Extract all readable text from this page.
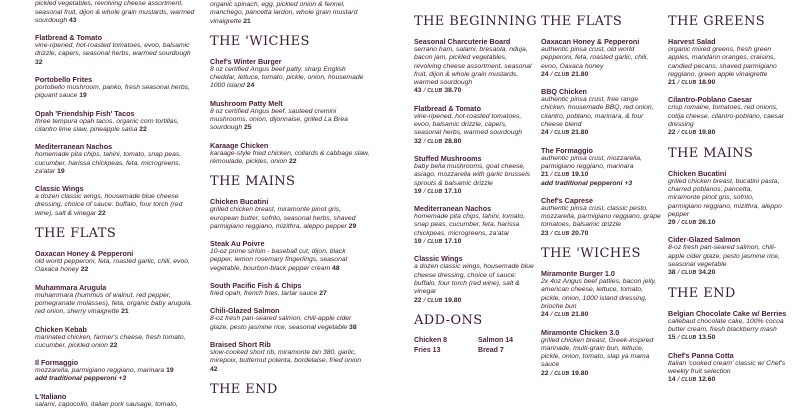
pickled vegetables, revolving cheese assortment, seasonal fruit, dijon & whole grain mustards, warmed sourdough 43
Flatbread & Tomato
vine-ripened, hot-roasted tomatoes, evoo, balsamic drizzle, capers, seasonal herbs, warmed sourdough 32
Portobello Frites
portobello mushroom, panko, fresh seasonal herbs, piquant sauce 19
Opah 'Friendship Fish' Tacos
three tempura opah tacos, organic corn tortillas, cilantro lime slaw, pineapple salsa 22
Mediterranean Nachos
homemade pita chips, tahini, tomato, snap peas, cucumber, harissa chickpeas, feta, microgreens, za'atar 19
Classic Wings
a dozen classic wings, housemade blue cheese dressing, choice of sauce: buffalo, four torch (red wine), salt & vinegar 22
THE FLATS
Oaxacan Honey & Pepperoni
old world pepperoni, feta, roasted garlic, chili, evoo, Oaxaca honey 22
Muhammara Arugula
muhammara (hummus of walnut, red pepper, pomegranate molasses), feta, organic baby arugula, red onion, sherry vinaigrette 21
Chicken Kebab
marinated chicken, farmer's cheese, fresh tomato, cucumber, pickled onion 22
Il Formaggio
mozzarella, parmigiano reggiano, marinara 19
add traditional pepperoni +3
L'Italiano
salami, capocollo, italian pork sausage, tomato,
organic spinach, egg, pickled onion & fennel, manchego, pancetta lardon, whole grain mustard vinaigrette 21
THE 'WICHES
Chef's Winter Burger
8 oz certified Angus beef patty, sharp English cheddar, lettuce, tomato, pickle, onion, housemade 1000 island 24
Mushroom Patty Melt
8 oz certified Angus beef, sauteed cremini mushrooms, onion, dijonnaise, grilled La Brea sourdough 25
Karaage Chicken
karaage-style fried chicken, collards & cabbage slaw, rémoulade, pickles, onion 22
THE MAINS
Chicken Bucatini
grilled chicken breast, miramonte pinot gris, european butter, sofrito, seasonal herbs, shaved parmigiano reggiano, mizithra, aleppo pepper 29
Steak Au Poivre
10-oz prime sirloin - baseball cut, dijon, black pepper, lemon rosemary fingerlings, seasonal vegetable, bourbon-black pepper cream 48
South Pacific Fish & Chips
fried opah, french fries, tartar sauce 27
Chili-Glazed Salmon
8-oz fresh pan-seared salmon, chili-apple cider glaze, pesto jasmine rice, seasonal vegetable 38
Braised Short Rib
slow-cooked short rib, miramonte bin 380, garlic, mirepoix, butternut polenta, bordelaise, fried onion 42
THE END
THE BEGINNING
Seasonal Charcuterie Board
serrano ham, salami, bresaola, nduja, bacon jam, pickled vegetables, revolving cheese assortment, seasonal fruit, dijon & whole grain mustards, warmed sourdough
43 / CLUB 38.70
Flatbread & Tomato
vine-ripened, hot-roasted tomatoes, evoo, balsamic drizzle, capers, seasonal herbs, warmed sourdough
32 / CLUB 28.80
Stuffed Mushrooms
baby bella mushrooms, goat cheese, asiago, mozzarella with garlic brussels sprouts & balsamic drizzle
19 / CLUB 17.10
Mediterranean Nachos
homemade pita chips, tahini, tomato, snap peas, cucumber, feta, harissa chickpeas, microgreens, za'atar
19 / CLUB 17.10
Classic Wings
a dozen classic wings, housemade blue cheese dressing, choice of sauce: buffalo, four torch (red wine), salt & vinegar
22 / CLUB 19.80
ADD-ONS
Chicken 8	Salmon 14
Fries 13	Bread 7
THE FLATS
Oaxacan Honey & Pepperoni
authentic pinsa crust, old world pepperoni, feta, roasted garlic, chili, evoo, Oaxaca honey
24 / CLUB 21.80
BBQ Chicken
authentic pinsa crust, free range chicken, housemade BBQ, red onion, cilantro, poblano, marinara, & four cheese blend
24 / CLUB 21.80
The Formaggio
authentic pinsa crust, mozzarella, parmigiano reggiano, marinara
21 / CLUB 19.10
add traditional pepperoni +3
Chef's Caprese
authentic pinsa crust, classic pesto, mozzarella, parmigiano reggiano, grape tomatoes, balsamic drizzle
23 / CLUB 20.70
THE 'WICHES
Miramonte Burger 1.0
2x 4oz Angus beef patties, bacon jelly, american cheese, lettuce, tomato, pickle, onion, 1000 island dressing, brioche bun
24 / CLUB 21.80
Miramonte Chicken 3.0
grilled chicken breast, Greek-inspired marinade, multi-grain bun, lettuce, pickle, onion, tomato, slap ya mama sauce
22 / CLUB 19.80
THE GREENS
Harvest Salad
organic mixed greens, fresh green apples, mandarin oranges, craisins, candied pecans, shaved parmigiano reggiano, green apple vinaigrette
21 / CLUB 18.90
Cilantro-Poblano Caesar
crisp romaine, tomatoes, red onions, cotija cheese, cilantro-poblano, caesar dressing
22 / CLUB 19.80
THE MAINS
Chicken Bucatini
grilled chicken breast, bucatini pasta, charred poblanos, pancetta, miramonte pinot gris, sofrito, parmigiano reggiano, mizithra, aleppo pepper
29 / CLUB 26.10
Cider-Glazed Salmon
8-oz fresh pan-seared salmon, chili-apple cider glaze, pesto jasmine rice, seasonal vegetable
38 / CLUB 34.20
THE END
Belgian Chocolate Cake w/ Berries
callebaut chocolate cake, 100% cocoa butter cream, fresh blackberry mash
15 / CLUB 13.50
Chef's Panna Cotta
Italian 'cooked cream' classic w/ Chef's weekly fruit selection
14 / CLUB 12.60
